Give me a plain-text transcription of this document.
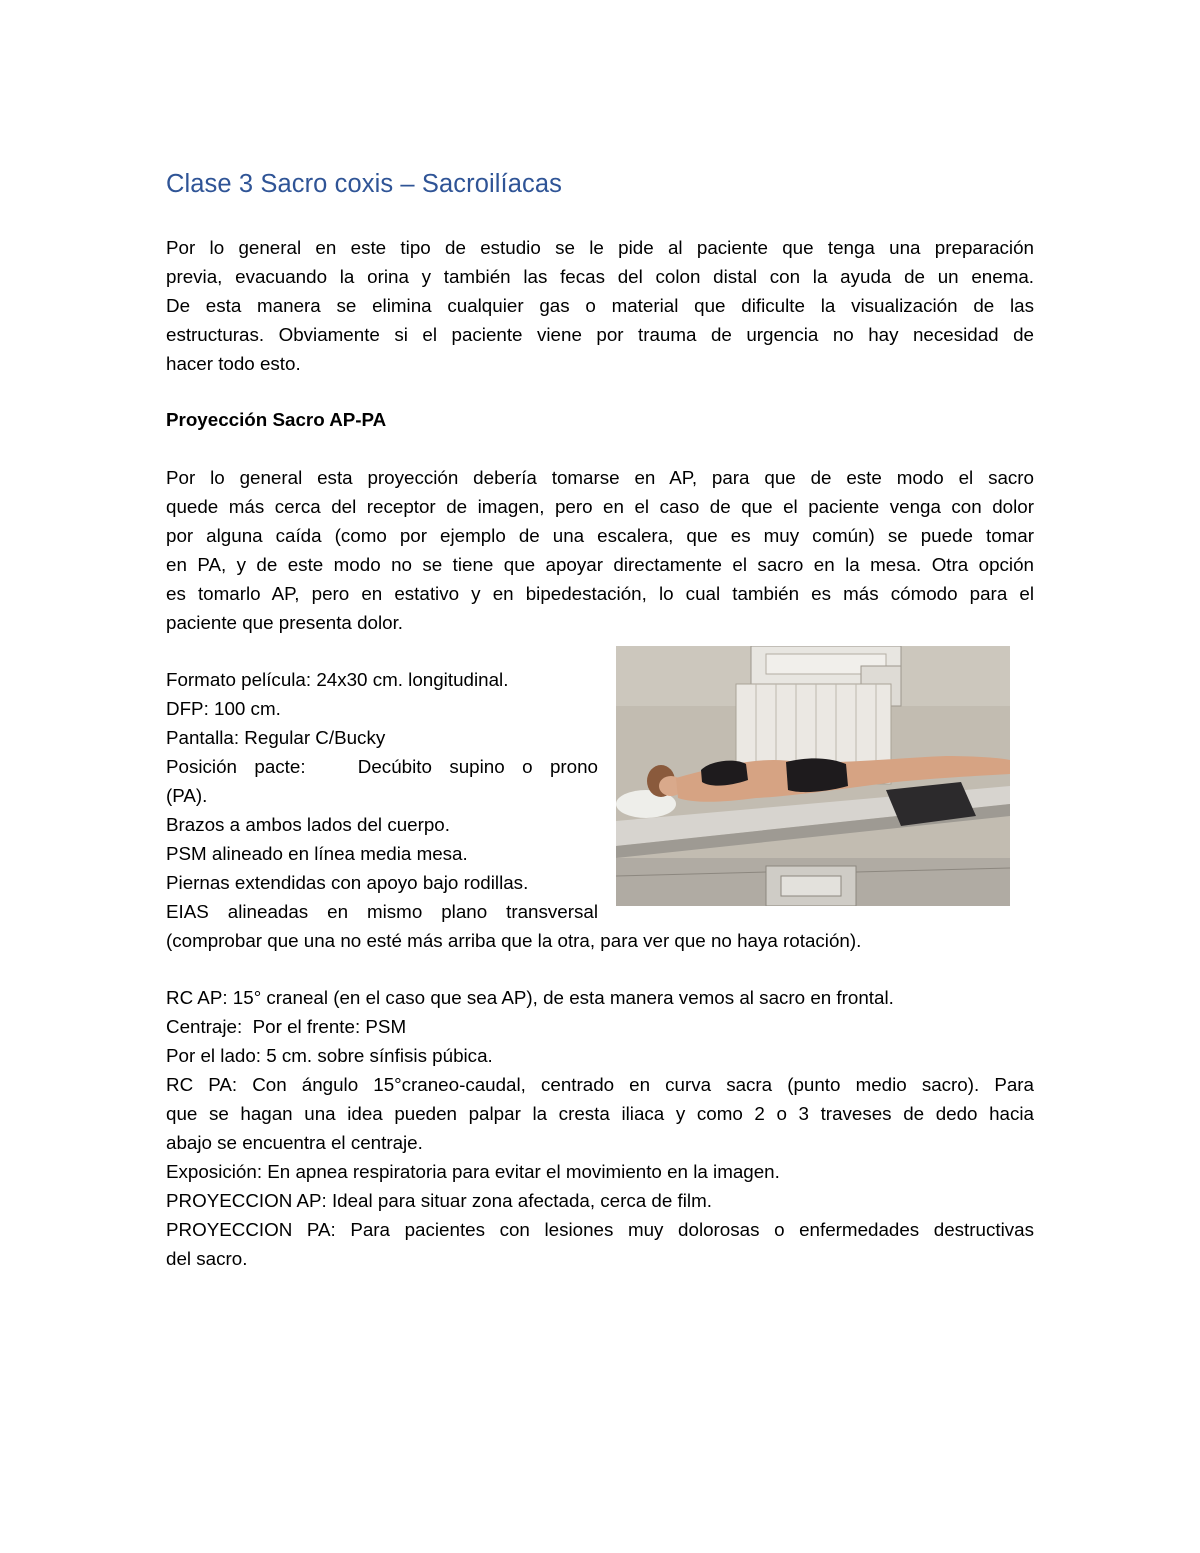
Clase 3 Sacro coxis – Sacroilíacas
Por lo general en este tipo de estudio se le pide al paciente que tenga una preparación
previa, evacuando la orina y también las fecas del colon distal con la ayuda de un enema.
De esta manera se elimina cualquier gas o material que dificulte la visualización de las
estructuras. Obviamente si el paciente viene por trauma de urgencia no hay necesidad de
hacer todo esto.
Proyección Sacro AP-PA
Por lo general esta proyección debería tomarse en AP, para que de este modo el sacro
quede más cerca del receptor de imagen, pero en el caso de que el paciente venga con dolor
por alguna caída (como por ejemplo de una escalera, que es muy común) se puede tomar
en PA, y de este modo no se tiene que apoyar directamente el sacro en la mesa. Otra opción
es tomarlo AP, pero en estativo y en bipedestación, lo cual también es más cómodo para el
paciente que presenta dolor.
Formato película: 24x30 cm. longitudinal.
DFP: 100 cm.
Pantalla: Regular C/Bucky
Posición pacte:   Decúbito supino o prono
(PA).
Brazos a ambos lados del cuerpo.
PSM alineado en línea media mesa.
Piernas extendidas con apoyo bajo rodillas.
EIAS alineadas en mismo plano transversal
(comprobar que una no esté más arriba que la otra, para ver que no haya rotación).
RC AP: 15° craneal (en el caso que sea AP), de esta manera vemos al sacro en frontal.
Centraje:  Por el frente: PSM
Por el lado: 5 cm. sobre sínfisis púbica.
RC PA: Con ángulo 15°craneo-caudal, centrado en curva sacra (punto medio sacro). Para
que se hagan una idea pueden palpar la cresta iliaca y como 2 o 3 traveses de dedo hacia
abajo se encuentra el centraje.
Exposición: En apnea respiratoria para evitar el movimiento en la imagen.
PROYECCION AP: Ideal para situar zona afectada, cerca de film.
PROYECCION PA: Para pacientes con lesiones muy dolorosas o enfermedades destructivas
del sacro.
